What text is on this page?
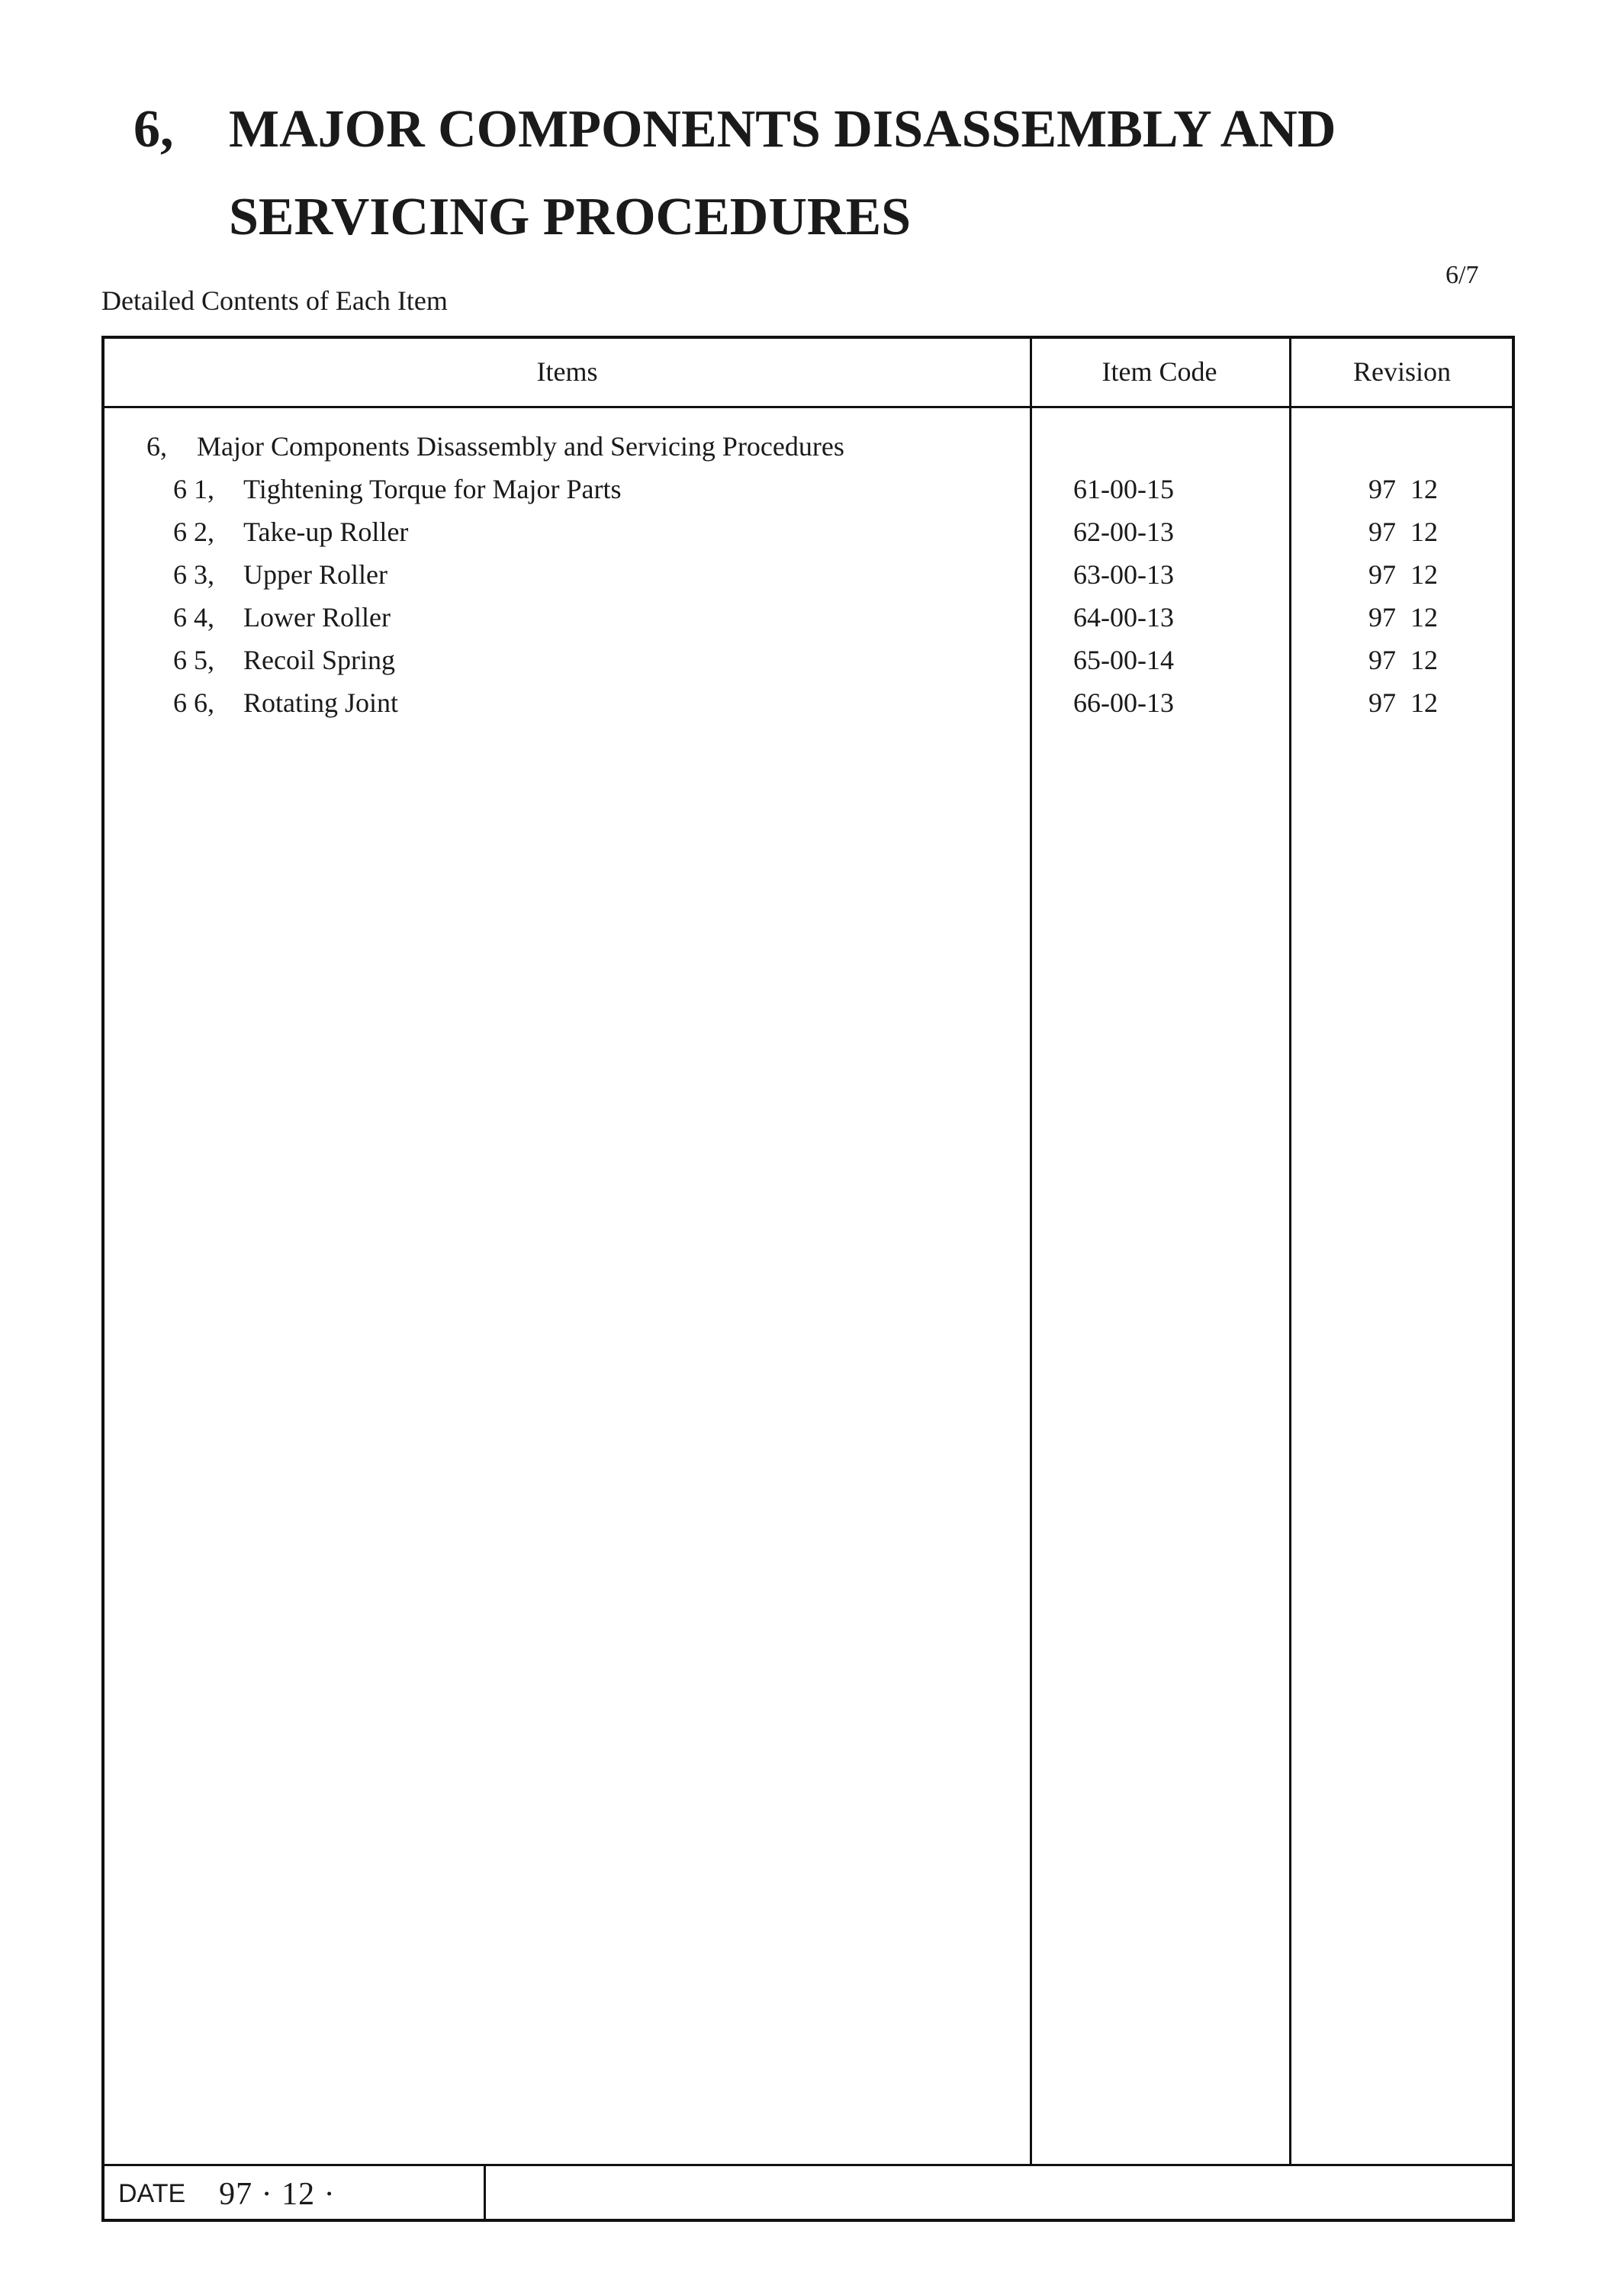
6, MAJOR COMPONENTS DISASSEMBLY AND
SERVICING PROCEDURES
Detailed Contents of Each Item
6/7
Items	Item Code	Revision
6, Major Components Disassembly and Servicing Procedures
6 1, Tightening Torque for Major Parts	61-00-15	97 12
6 2, Take-up Roller	62-00-13	97 12
6 3, Upper Roller	63-00-13	97 12
6 4, Lower Roller	64-00-13	97 12
6 5, Recoil Spring	65-00-14	97 12
6 6, Rotating Joint	66-00-13	97 12
DATE 97 · 12 ·
